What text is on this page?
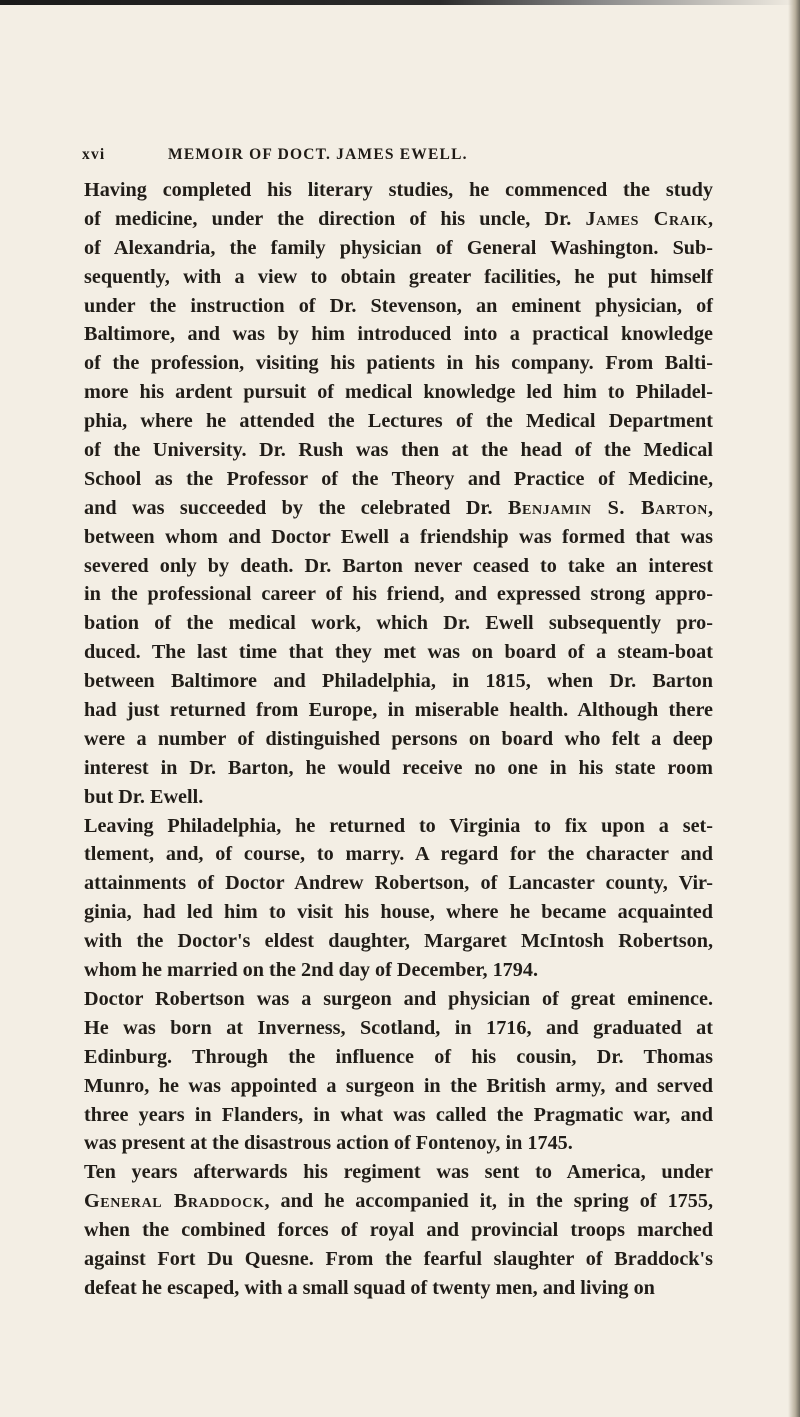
xvi	MEMOIR OF DOCT. JAMES EWELL.
Having completed his literary studies, he commenced the study
of medicine, under the direction of his uncle, Dr. James Craik,
of Alexandria, the family physician of General Washington. Sub-
sequently, with a view to obtain greater facilities, he put himself
under the instruction of Dr. Stevenson, an eminent physician, of
Baltimore, and was by him introduced into a practical knowledge
of the profession, visiting his patients in his company. From Balti-
more his ardent pursuit of medical knowledge led him to Philadel-
phia, where he attended the Lectures of the Medical Department
of the University. Dr. Rush was then at the head of the Medical
School as the Professor of the Theory and Practice of Medicine,
and was succeeded by the celebrated Dr. Benjamin S. Barton,
between whom and Doctor Ewell a friendship was formed that was
severed only by death. Dr. Barton never ceased to take an interest
in the professional career of his friend, and expressed strong appro-
bation of the medical work, which Dr. Ewell subsequently pro-
duced. The last time that they met was on board of a steam-boat
between Baltimore and Philadelphia, in 1815, when Dr. Barton
had just returned from Europe, in miserable health. Although there
were a number of distinguished persons on board who felt a deep
interest in Dr. Barton, he would receive no one in his state room
but Dr. Ewell.
Leaving Philadelphia, he returned to Virginia to fix upon a set-
tlement, and, of course, to marry. A regard for the character and
attainments of Doctor Andrew Robertson, of Lancaster county, Vir-
ginia, had led him to visit his house, where he became acquainted
with the Doctor's eldest daughter, Margaret McIntosh Robertson,
whom he married on the 2nd day of December, 1794.
Doctor Robertson was a surgeon and physician of great eminence.
He was born at Inverness, Scotland, in 1716, and graduated at
Edinburg. Through the influence of his cousin, Dr. Thomas
Munro, he was appointed a surgeon in the British army, and served
three years in Flanders, in what was called the Pragmatic war, and
was present at the disastrous action of Fontenoy, in 1745.
Ten years afterwards his regiment was sent to America, under
General Braddock, and he accompanied it, in the spring of 1755,
when the combined forces of royal and provincial troops marched
against Fort Du Quesne. From the fearful slaughter of Braddock's
defeat he escaped, with a small squad of twenty men, and living on
